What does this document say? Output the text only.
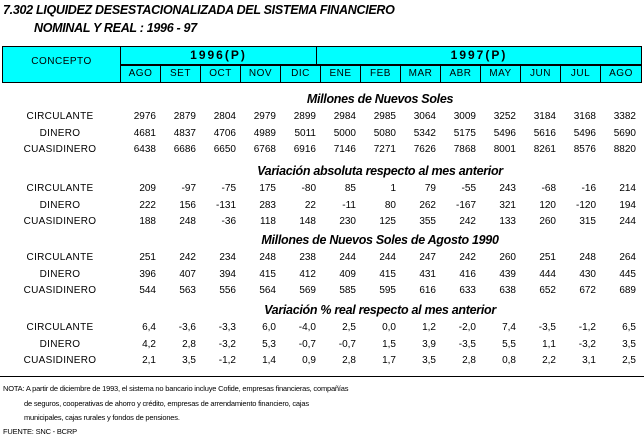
7.302 LIQUIDEZ DESESTACIONALIZADA DEL SISTEMA FINANCIERO
NOMINAL Y REAL : 1996 - 97
CONCEPTO	1996(P)	1997(P)
AGO	SET	OCT	NOV	DIC	ENE	FEB	MAR	ABR	MAY	JUN	JUL	AGO
Millones de Nuevos Soles
CIRCULANTE	2976	2879	2804	2979	2899	2984	2985	3064	3009	3252	3184	3168	3382
DINERO	4681	4837	4706	4989	5011	5000	5080	5342	5175	5496	5616	5496	5690
CUASIDINERO	6438	6686	6650	6768	6916	7146	7271	7626	7868	8001	8261	8576	8820
Variación absoluta respecto al mes anterior
CIRCULANTE	209	-97	-75	175	-80	85	1	79	-55	243	-68	-16	214
DINERO	222	156	-131	283	22	-11	80	262	-167	321	120	-120	194
CUASIDINERO	188	248	-36	118	148	230	125	355	242	133	260	315	244
Millones de Nuevos Soles de Agosto 1990
CIRCULANTE	251	242	234	248	238	244	244	247	242	260	251	248	264
DINERO	396	407	394	415	412	409	415	431	416	439	444	430	445
CUASIDINERO	544	563	556	564	569	585	595	616	633	638	652	672	689
Variación % real respecto al mes anterior
CIRCULANTE	6,4	-3,6	-3,3	6,0	-4,0	2,5	0,0	1,2	-2,0	7,4	-3,5	-1,2	6,5
DINERO	4,2	2,8	-3,2	5,3	-0,7	-0,7	1,5	3,9	-3,5	5,5	1,1	-3,2	3,5
CUASIDINERO	2,1	3,5	-1,2	1,4	0,9	2,8	1,7	3,5	2,8	0,8	2,2	3,1	2,5
NOTA: A partir de diciembre de 1993, el sistema no bancario incluye Cofide, empresas financieras, compañías
de seguros, cooperativas de ahorro y crédito, empresas de arrendamiento financiero, cajas
municipales, cajas rurales y fondos de pensiones.
FUENTE: SNC - BCRP
